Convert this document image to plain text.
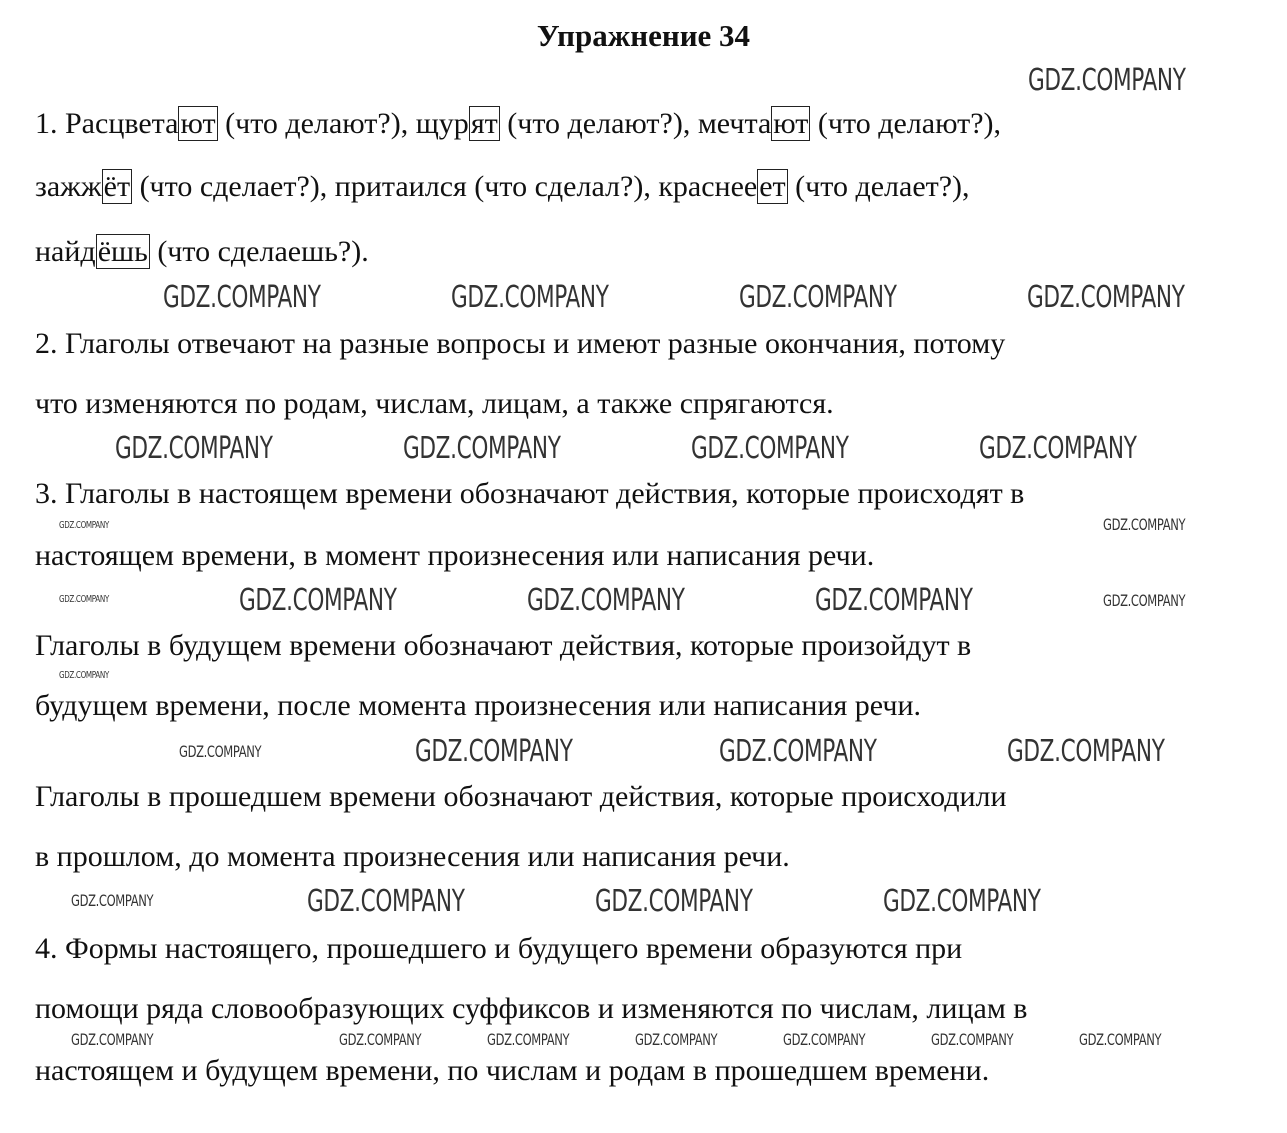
Упражнение 34
1. Расцветают (что делают?), щурят (что делают?), мечтают (что делают?),
зажжёт (что сделает?), притаился (что сделал?), краснееет (что делает?),
найдёшь (что сделаешь?).
2. Глаголы отвечают на разные вопросы и имеют разные окончания, потому
что изменяются по родам, числам, лицам, а также спрягаются.
3. Глаголы в настоящем времени обозначают действия, которые происходят в
настоящем времени, в момент произнесения или написания речи.
Глаголы в будущем времени обозначают действия, которые произойдут в
будущем времени, после момента произнесения или написания речи.
Глаголы в прошедшем времени обозначают действия, которые происходили
в прошлом, до момента произнесения или написания речи.
4. Формы настоящего, прошедшего и будущего времени образуются при
помощи ряда словообразующих суффиксов и изменяются по числам, лицам в
настоящем и будущем времени, по числам и родам в прошедшем времени.
GDZ.COMPANY
GDZ.COMPANY	GDZ.COMPANY	GDZ.COMPANY	GDZ.COMPANY
GDZ.COMPANY	GDZ.COMPANY	GDZ.COMPANY	GDZ.COMPANY
GDZ.COMPANY
GDZ.COMPANY
GDZ.COMPANY	GDZ.COMPANY	GDZ.COMPANY	GDZ.COMPANY
GDZ.COMPANY
GDZ.COMPANY
GDZ.COMPANY	GDZ.COMPANY	GDZ.COMPANY	GDZ.COMPANY
GDZ.COMPANY	GDZ.COMPANY	GDZ.COMPANY
GDZ.COMPANY
GDZ.COMPANY	GDZ.COMPANY	GDZ.COMPANY	GDZ.COMPANY	GDZ.COMPANY	GDZ.COMPANY	GDZ.COMPANY
